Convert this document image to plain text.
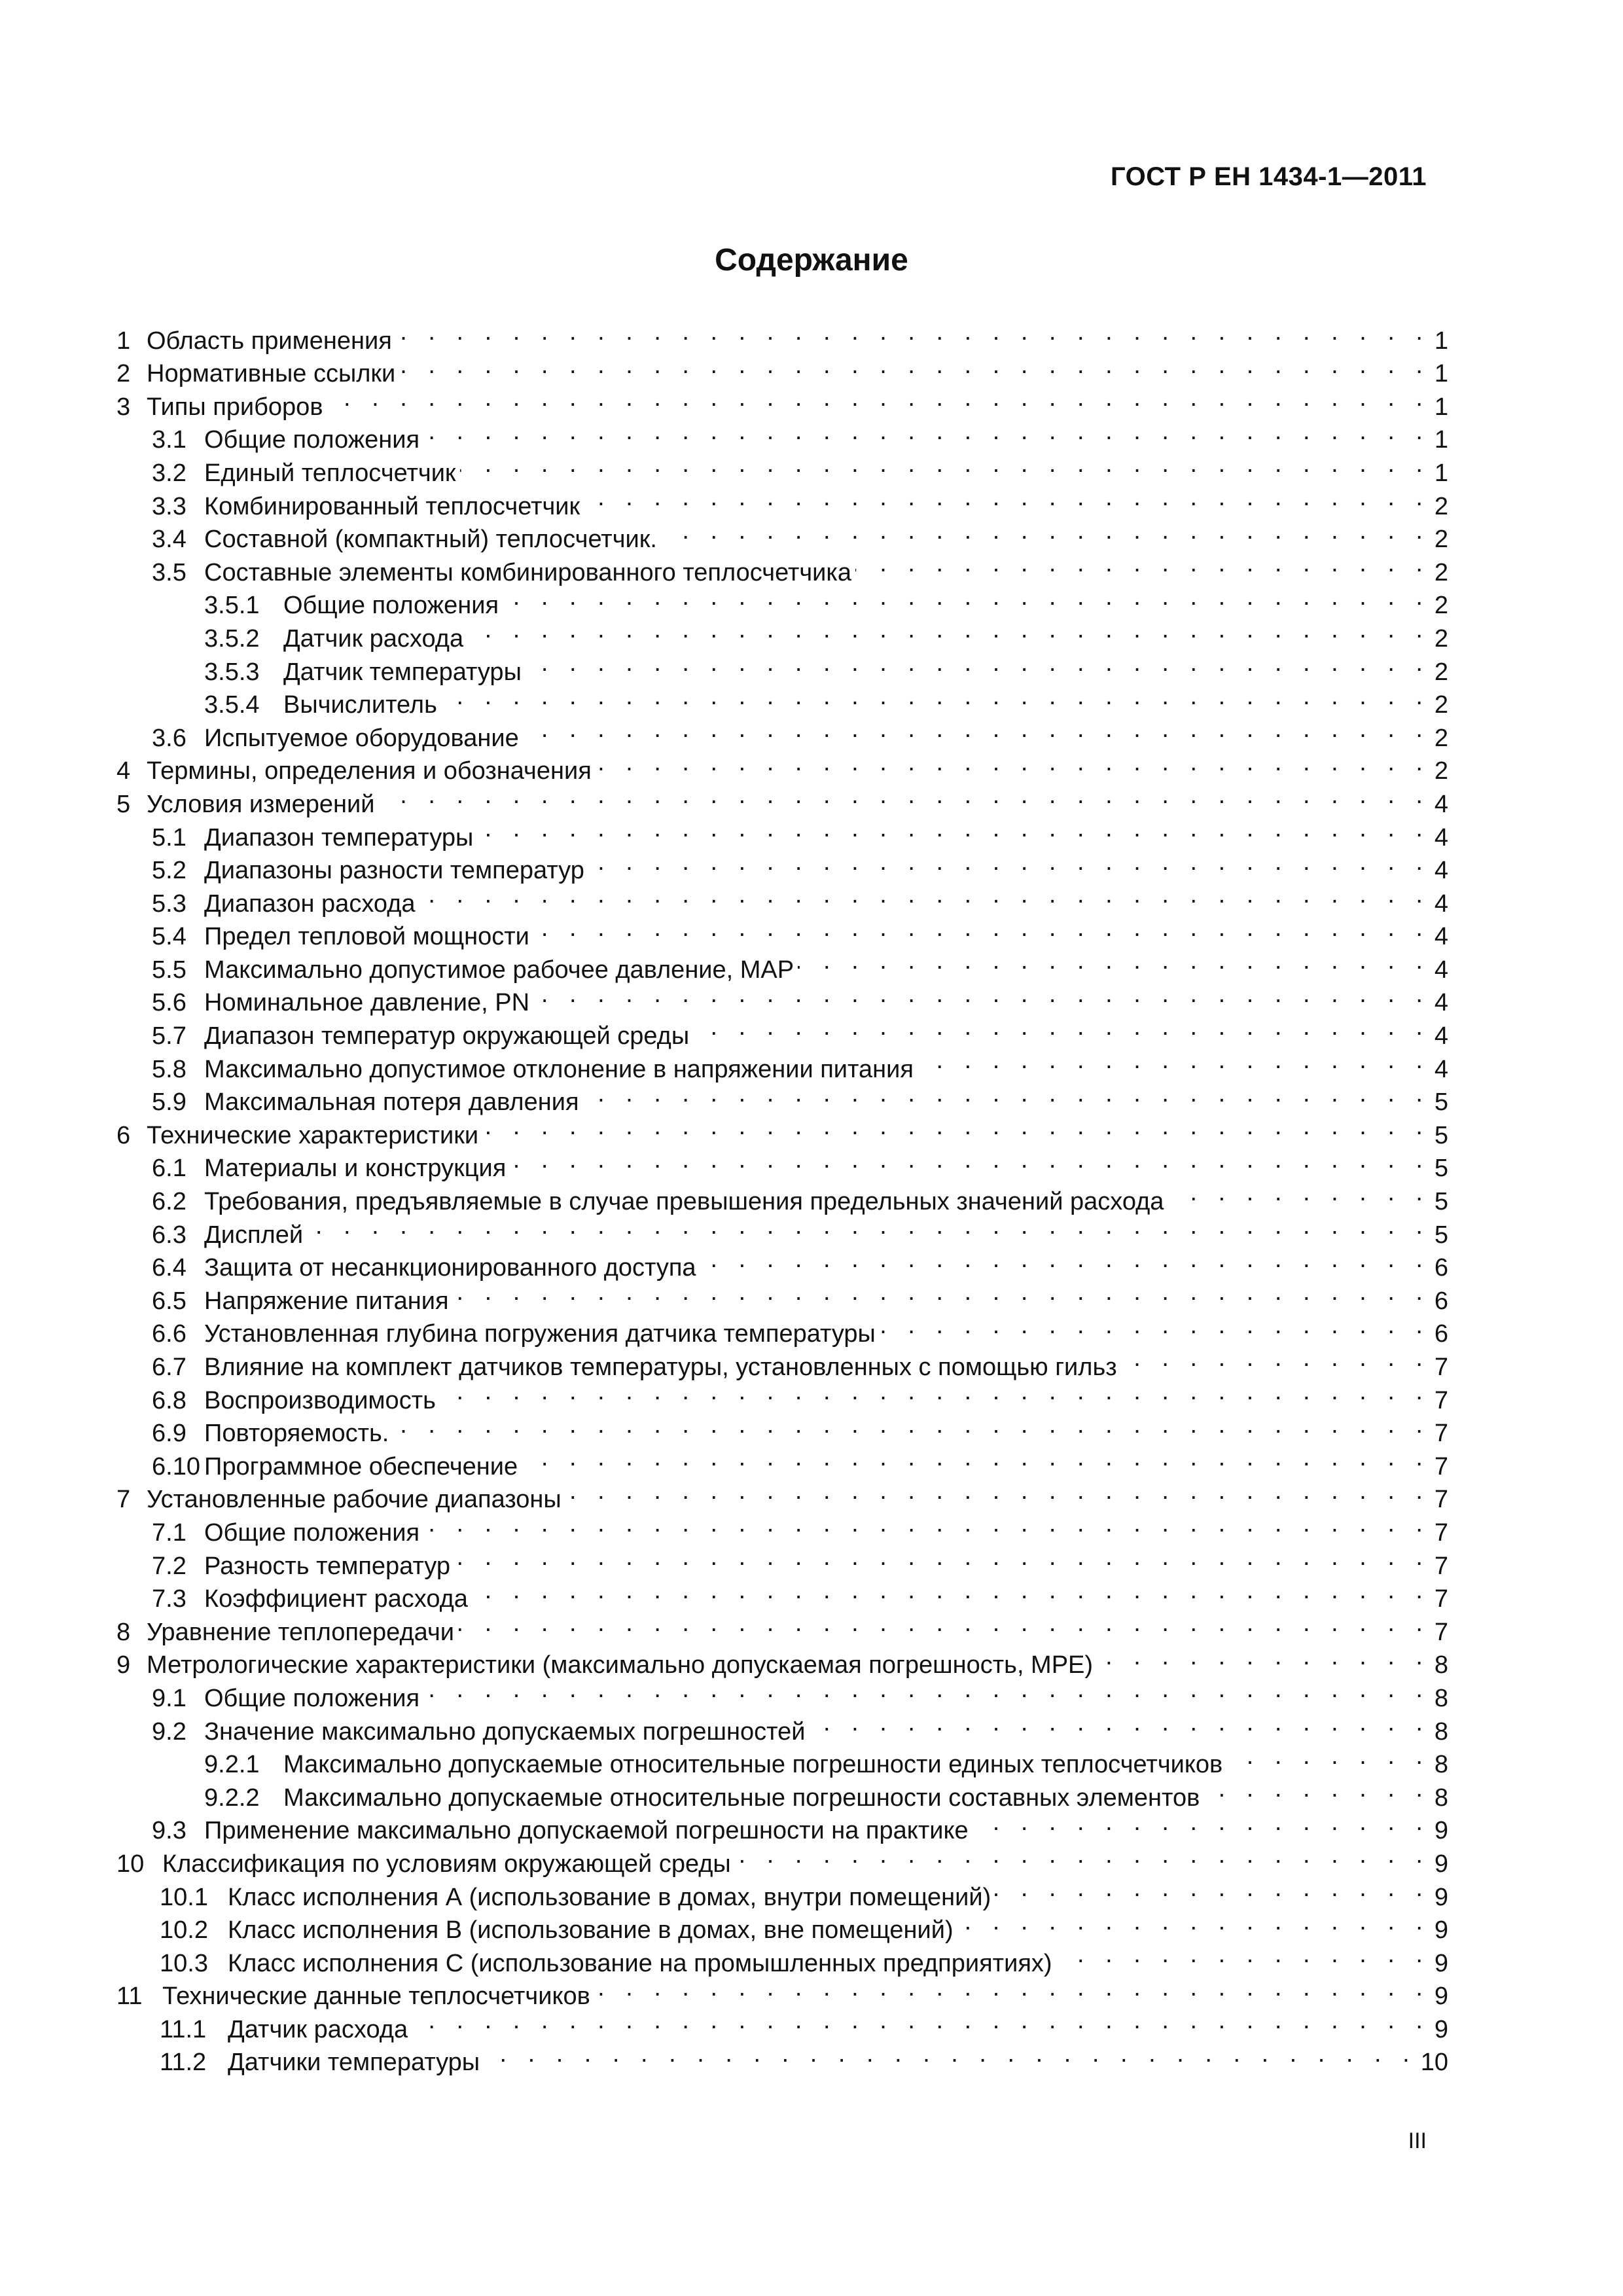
ГОСТ Р ЕН 1434-1—2011
Содержание
1 Область применения . . .	1
2 Нормативные ссылки . . .	1
3 Типы приборов . . .	1
3.1 Общие положения . . .	1
3.2 Единый теплосчетчик . . .	1
3.3 Комбинированный теплосчетчик . . .	2
3.4 Составной (компактный) теплосчетчик. . . .	2
3.5 Составные элементы комбинированного теплосчетчика . . .	2
3.5.1 Общие положения . . .	2
3.5.2 Датчик расхода . . .	2
3.5.3 Датчик температуры . . .	2
3.5.4 Вычислитель . . .	2
3.6 Испытуемое оборудование . . .	2
4 Термины, определения и обозначения . . .	2
5 Условия измерений . . .	4
5.1 Диапазон температуры . . .	4
5.2 Диапазоны разности температур . . .	4
5.3 Диапазон расхода . . .	4
5.4 Предел тепловой мощности . . .	4
5.5 Максимально допустимое рабочее давление, MAP . . .	4
5.6 Номинальное давление, PN . . .	4
5.7 Диапазон температур окружающей среды . . .	4
5.8 Максимально допустимое отклонение в напряжении питания . . .	4
5.9 Максимальная потеря давления . . .	5
6 Технические характеристики . . .	5
6.1 Материалы и конструкция . . .	5
6.2 Требования, предъявляемые в случае превышения предельных значений расхода . . .	5
6.3 Дисплей . . .	5
6.4 Защита от несанкционированного доступа . . .	6
6.5 Напряжение питания . . .	6
6.6 Установленная глубина погружения датчика температуры . . .	6
6.7 Влияние на комплект датчиков температуры, установленных с помощью гильз . . .	7
6.8 Воспроизводимость . . .	7
6.9 Повторяемость. . . .	7
6.10 Программное обеспечение . . .	7
7 Установленные рабочие диапазоны . . .	7
7.1 Общие положения . . .	7
7.2 Разность температур . . .	7
7.3 Коэффициент расхода . . .	7
8 Уравнение теплопередачи . . .	7
9 Метрологические характеристики (максимально допускаемая погрешность, MPE) . . .	8
9.1 Общие положения . . .	8
9.2 Значение максимально допускаемых погрешностей . . .	8
9.2.1 Максимально допускаемые относительные погрешности единых теплосчетчиков . . .	8
9.2.2 Максимально допускаемые относительные погрешности составных элементов . . .	8
9.3 Применение максимально допускаемой погрешности на практике . . .	9
10 Классификация по условиям окружающей среды . . .	9
10.1 Класс исполнения А (использование в домах, внутри помещений) . . .	9
10.2 Класс исполнения В (использование в домах, вне помещений) . . .	9
10.3 Класс исполнения С (использование на промышленных предприятиях) . . .	9
11 Технические данные теплосчетчиков . . .	9
11.1 Датчик расхода . . .	9
11.2 Датчики температуры . . .	10
III
